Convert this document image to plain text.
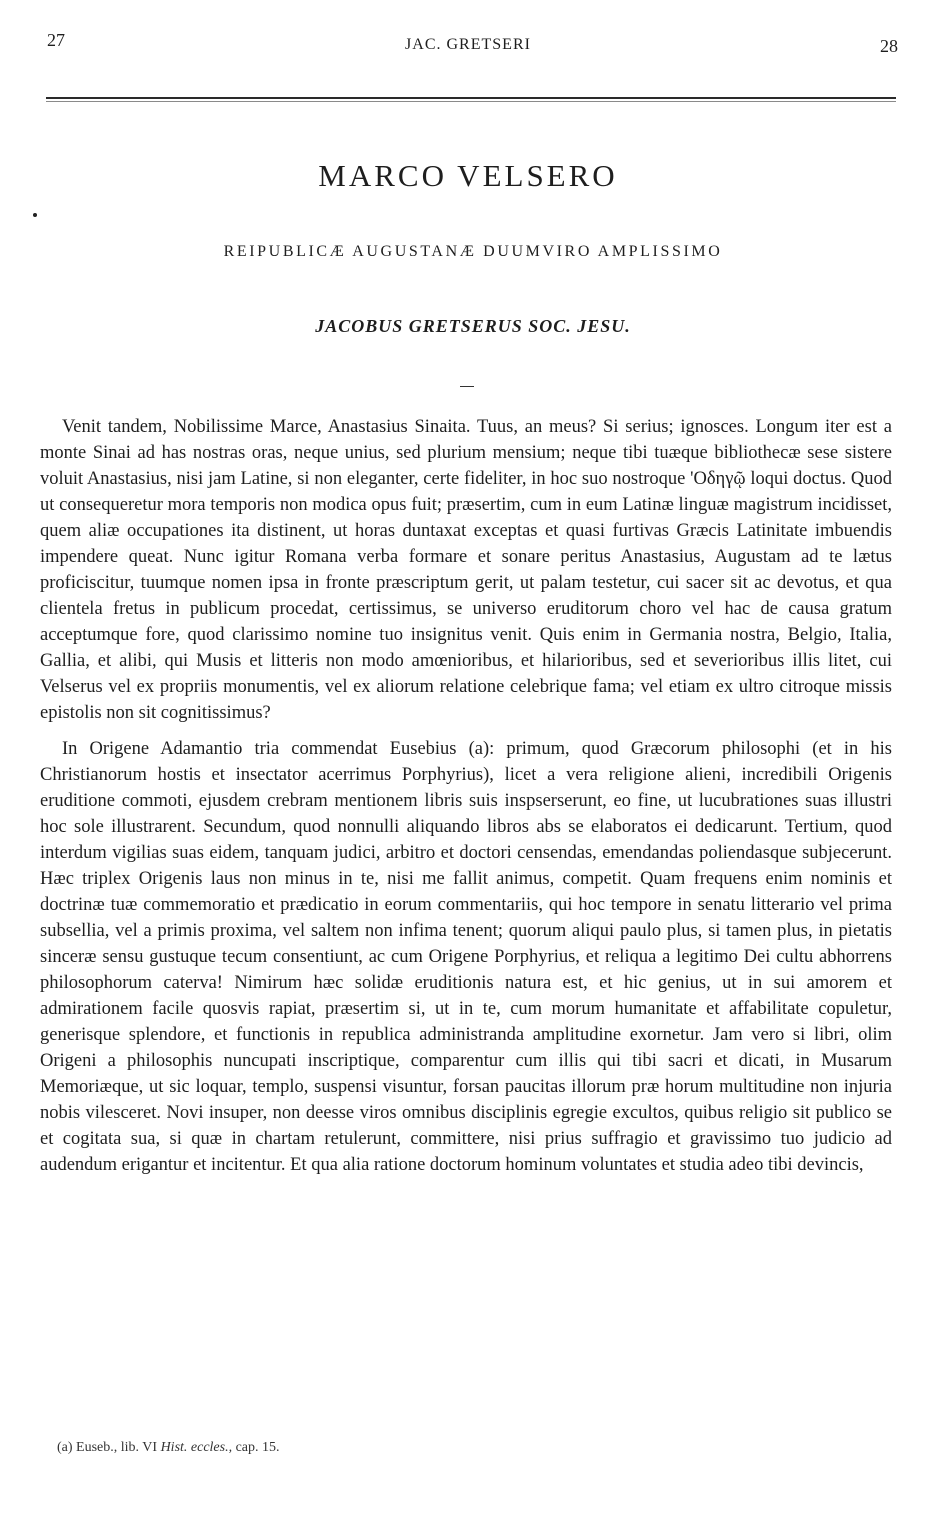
27	JAC. GRETSERI	28
MARCO VELSERO
REIPUBLICÆ AUGUSTANÆ DUUMVIRO AMPLISSIMO
JACOBUS GRETSERUS SOC. JESU.

Venit tandem, Nobilissime Marce, Anastasius Sinaita. Tuus, an meus? Si serius; ignosces. Longum iter est a monte Sinai ad has nostras oras, neque unius, sed plurium mensium; neque tibi tuæque bibliothecæ sese sistere voluit Anastasius, nisi jam Latine, si non eleganter, certe fideliter, in hoc suo nostroque 'Οδηγῷ loqui doctus. Quod ut consequeretur mora temporis non modica opus fuit; præsertim, cum in eum Latinæ linguæ magistrum incidisset, quem aliæ occupationes ita distinent, ut horas duntaxat exceptas et quasi furtivas Græcis Latinitate imbuendis impendere queat. Nunc igitur Romana verba formare et sonare peritus Anastasius, Augustam ad te lætus proficiscitur, tuumque nomen ipsa in fronte præscriptum gerit, ut palam testetur, cui sacer sit ac devotus, et qua clientela fretus in publicum procedat, certissimus, se universo eruditorum choro vel hac de causa gratum acceptumque fore, quod clarissimo nomine tuo insignitus venit. Quis enim in Germania nostra, Belgio, Italia, Gallia, et alibi, qui Musis et litteris non modo amœnioribus, et hilarioribus, sed et severioribus illis litet, cui Velserus vel ex propriis monumentis, vel ex aliorum relatione celebrique fama; vel etiam ex ultro citroque missis epistolis non sit cognitissimus?

In Origene Adamantio tria commendat Eusebius (a): primum, quod Græcorum philosophi (et in his Christianorum hostis et insectator acerrimus Porphyrius), licet a vera religione alieni, incredibili Origenis eruditione commoti, ejusdem crebram mentionem libris suis inspserserunt, eo fine, ut lucubrationes suas illustri hoc sole illustrarent. Secundum, quod nonnulli aliquando libros abs se elaboratos ei dedicarunt. Tertium, quod interdum vigilias suas eidem, tanquam judici, arbitro et doctori censendas, emendandas poliendasque subjecerunt. Hæc triplex Origenis laus non minus in te, nisi me fallit animus, competit. Quam frequens enim nominis et doctrinæ tuæ commemoratio et prædicatio in eorum commentariis, qui hoc tempore in senatu litterario vel prima subsellia, vel a primis proxima, vel saltem non infima tenent; quorum aliqui paulo plus, si tamen plus, in pietatis sinceræ sensu gustuque tecum consentiunt, ac cum Origene Porphyrius, et reliqua a legitimo Dei cultu abhorrens philosophorum caterva! Nimirum hæc solidæ eruditionis natura est, et hic genius, ut in sui amorem et admirationem facile quosvis rapiat, præsertim si, ut in te, cum morum humanitate et affabilitate copuletur, generisque splendore, et functionis in republica administranda amplitudine exornetur. Jam vero si libri, olim Origeni a philosophis nuncupati inscriptique, comparentur cum illis qui tibi sacri et dicati, in Musarum Memoriæque, ut sic loquar, templo, suspensi visuntur, forsan paucitas illorum præ horum multitudine non injuria nobis vilesceret. Novi insuper, non deesse viros omnibus disciplinis egregie excultos, quibus religio sit publico se et cogitata sua, si quæ in chartam retulerunt, committere, nisi prius suffragio et gravissimo tuo judicio ad audendum erigantur et incitentur. Et qua alia ratione doctorum hominum voluntates et studia adeo tibi devincis,

(a) Euseb., lib. VI Hist. eccles., cap. 15.
